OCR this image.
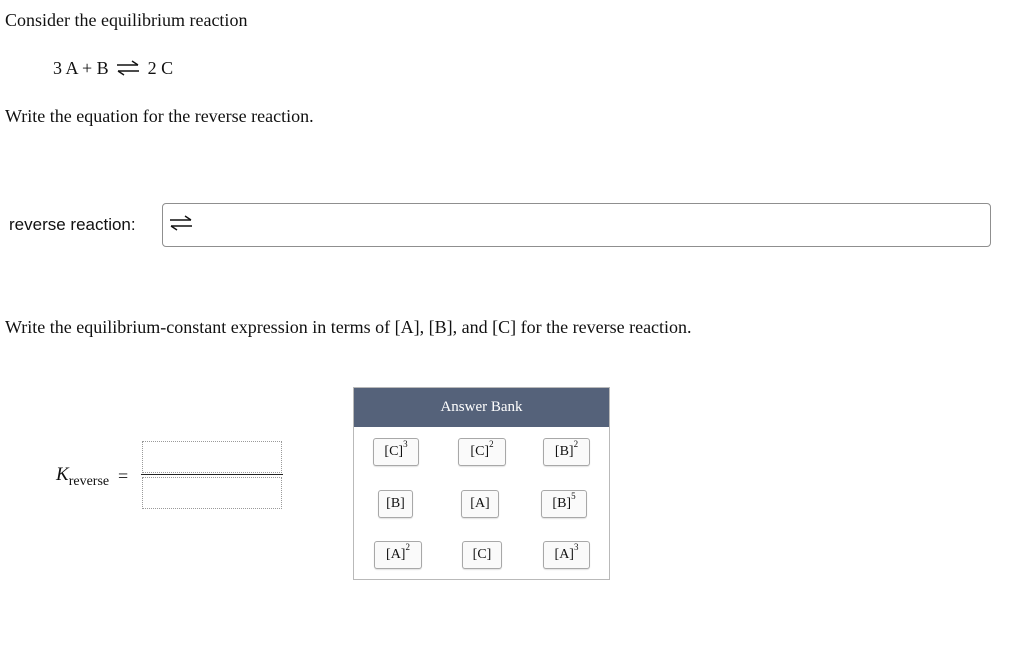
Consider the equilibrium reaction
3 A + B ⇌ 2 C
Write the equation for the reverse reaction.
reverse reaction:
Write the equilibrium-constant expression in terms of [A], [B], and [C] for the reverse reaction.
$K_{reverse}$ =
Answer Bank
$[C]^3$	$[C]^2$	$[B]^2$
[B]	[A]	$[B]^5$
$[A]^2$	[C]	$[A]^3$
